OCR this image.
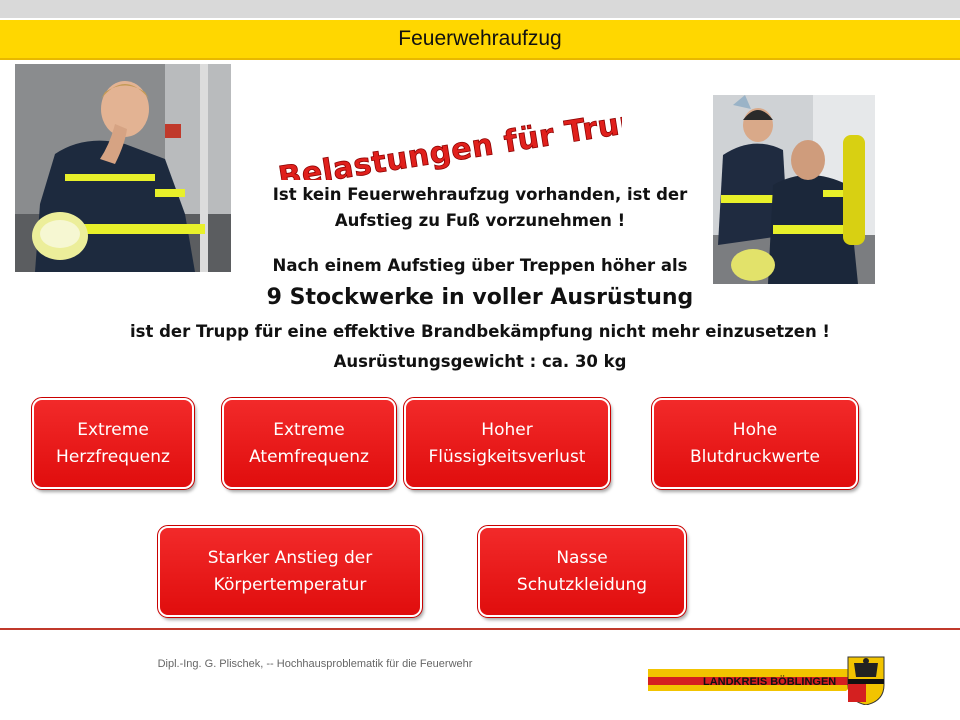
Feuerwehraufzug
Belastungen für Trupps
Ist kein Feuerwehraufzug vorhanden, ist der
Aufstieg zu Fuß vorzunehmen !
Nach einem Aufstieg über Treppen höher als
9 Stockwerke in voller Ausrüstung
ist der Trupp für eine effektive Brandbekämpfung nicht mehr einzusetzen !
Ausrüstungsgewicht : ca. 30 kg
Extreme
Herzfrequenz
Extreme
Atemfrequenz
Hoher
Flüssigkeitsverlust
Hohe
Blutdruckwerte
Starker Anstieg der
Körpertemperatur
Nasse
Schutzkleidung
Dipl.-Ing. G. Plischek, -- Hochhausproblematik für die Feuerwehr
LANDKREIS BÖBLINGEN
